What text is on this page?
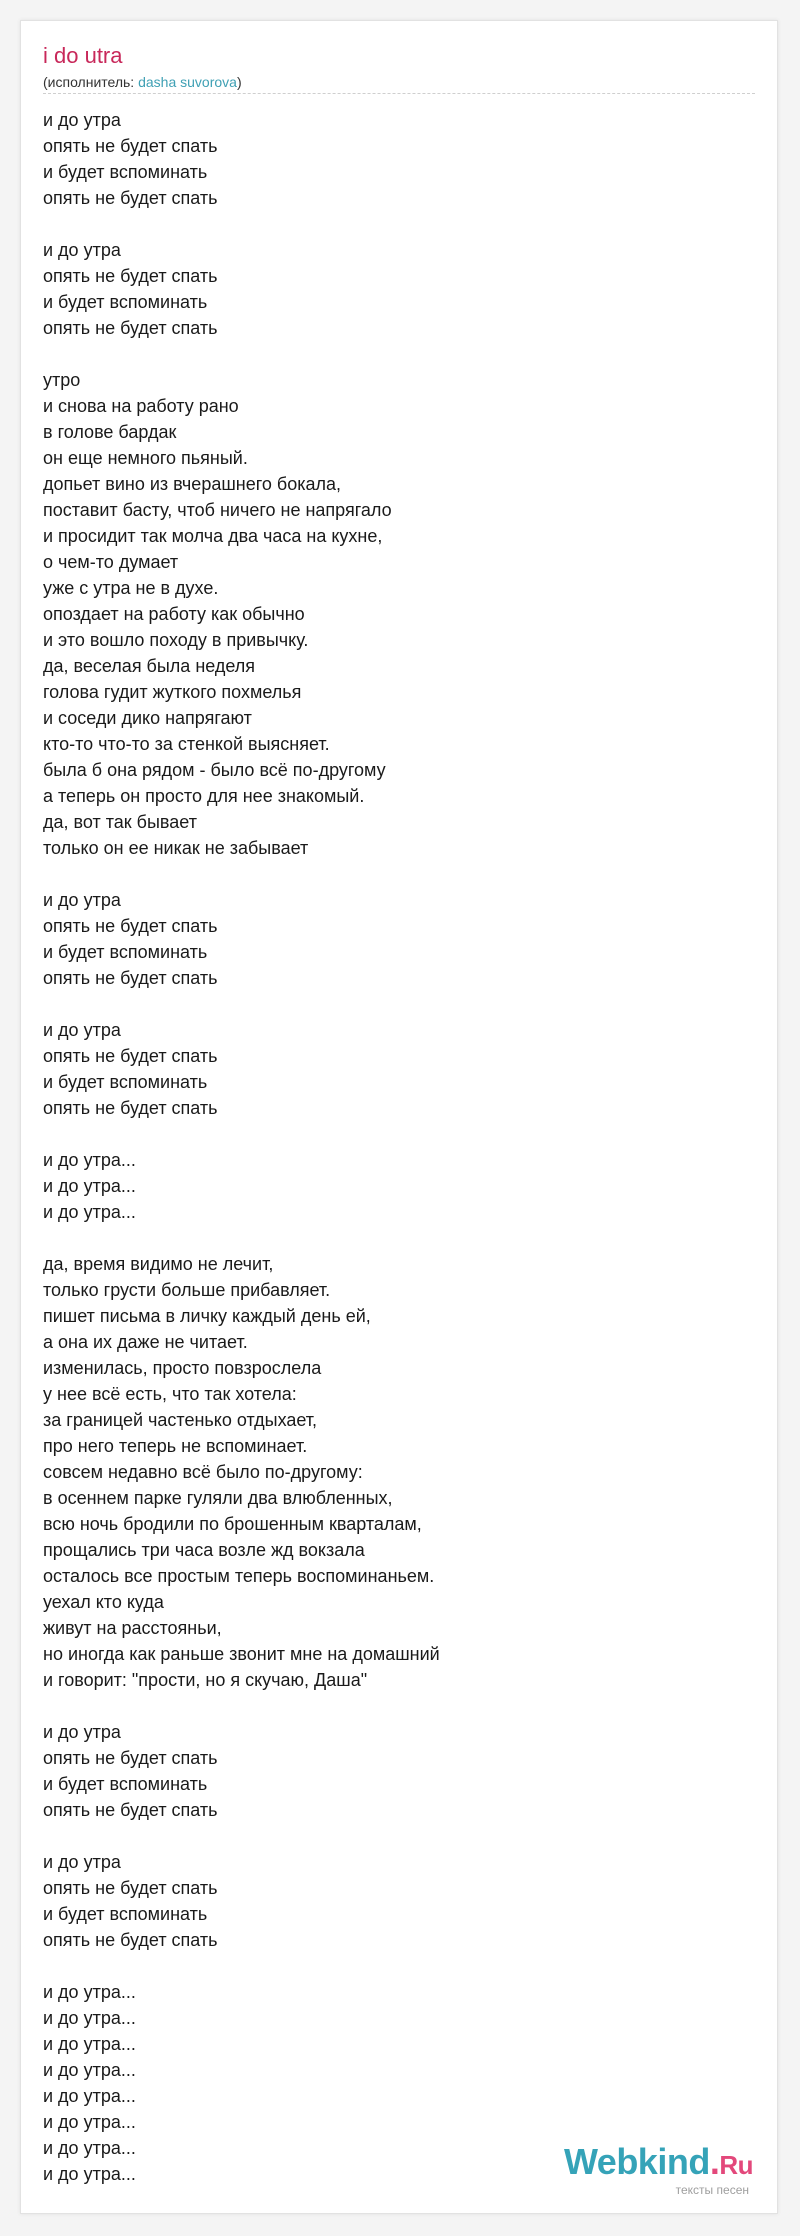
i do utra
(исполнитель: dasha suvorova)
и до утра
опять не будет спать
и будет вспоминать
опять не будет спать
и до утра
опять не будет спать
и будет вспоминать
опять не будет спать
утро
и снова на работу рано
в голове бардак
он еще немного пьяный.
допьет вино из вчерашнего бокала,
поставит басту, чтоб ничего не напрягало
и просидит так молча два часа на кухне,
о чем-то думает
уже с утра не в духе.
опоздает на работу как обычно
и это вошло походу в привычку.
да, веселая была неделя
голова гудит жуткого похмелья
и соседи дико напрягают
кто-то что-то за стенкой выясняет.
была б она рядом - было всё по-другому
а теперь он просто для нее знакомый.
да, вот так бывает
только он ее никак не забывает
и до утра
опять не будет спать
и будет вспоминать
опять не будет спать
и до утра
опять не будет спать
и будет вспоминать
опять не будет спать
и до утра...
и до утра...
и до утра...
да, время видимо не лечит,
только грусти больше прибавляет.
пишет письма в личку каждый день ей,
а она их даже не читает.
изменилась, просто повзрослела
у нее всё есть, что так хотела:
за границей частенько отдыхает,
про него теперь не вспоминает.
совсем недавно всё было по-другому:
в осеннем парке гуляли два влюбленных,
всю ночь бродили по брошенным кварталам,
прощались три часа возле жд вокзала
осталось все простым теперь воспоминаньем.
уехал кто куда
живут на расстояньи,
но иногда как раньше звонит мне на домашний
и говорит: "прости, но я скучаю, Даша"
и до утра
опять не будет спать
и будет вспоминать
опять не будет спать
и до утра
опять не будет спать
и будет вспоминать
опять не будет спать
и до утра...
и до утра...
и до утра...
и до утра...
и до утра...
и до утра...
и до утра...
и до утра...	Webkind.Ru
тексты песен
